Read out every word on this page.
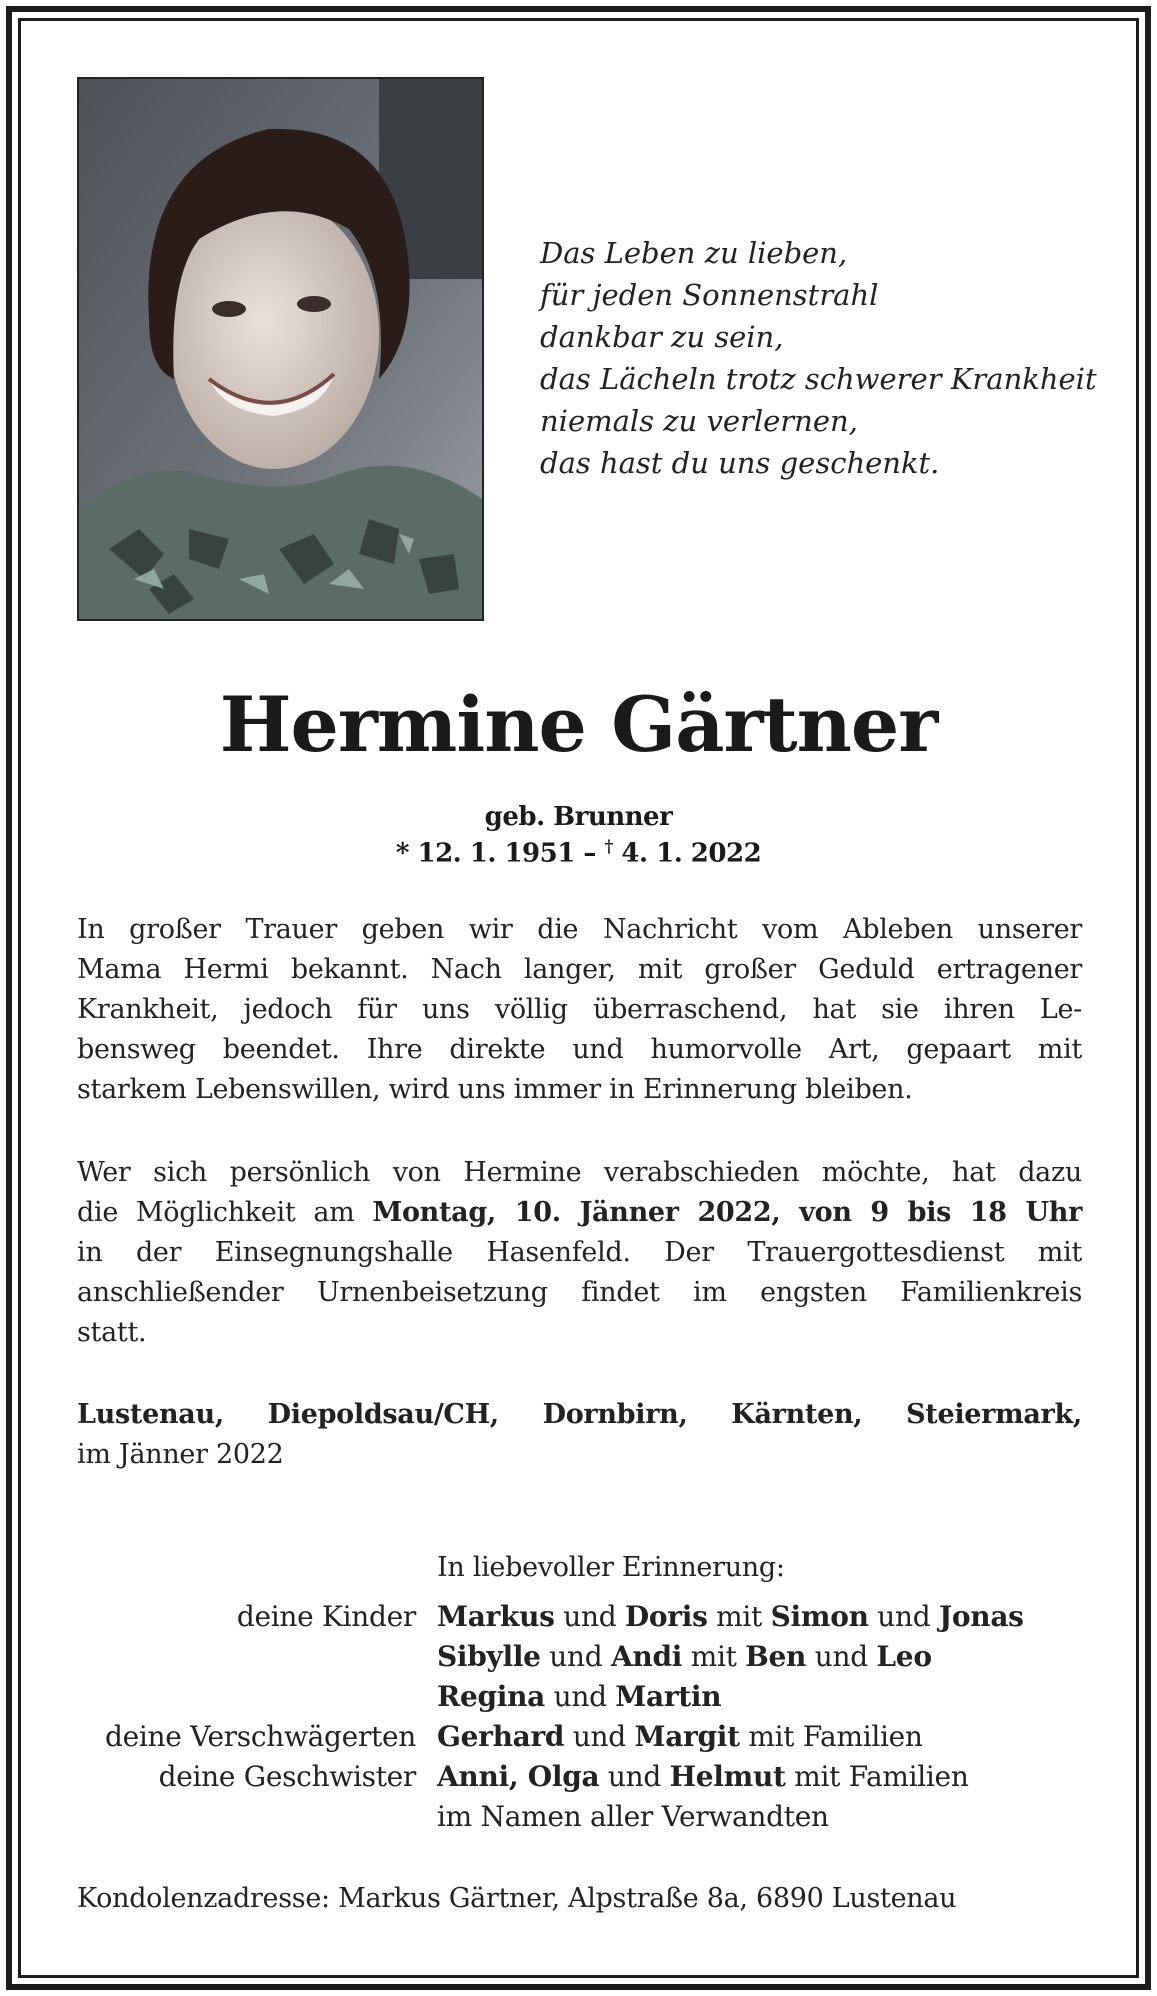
Das Leben zu lieben,
für jeden Sonnenstrahl
dankbar zu sein,
das Lächeln trotz schwerer Krankheit
niemals zu verlernen,
das hast du uns geschenkt.
Hermine Gärtner
geb. Brunner
* 12. 1. 1951 – † 4. 1. 2022
In großer Trauer geben wir die Nachricht vom Ableben unserer
Mama Hermi bekannt. Nach langer, mit großer Geduld ertragener
Krankheit, jedoch für uns völlig überraschend, hat sie ihren Le-
bensweg beendet. Ihre direkte und humorvolle Art, gepaart mit
starkem Lebenswillen, wird uns immer in Erinnerung bleiben.
Wer sich persönlich von Hermine verabschieden möchte, hat dazu
die Möglichkeit am Montag, 10. Jänner 2022, von 9 bis 18 Uhr
in der Einsegnungshalle Hasenfeld. Der Trauergottesdienst mit
anschließender Urnenbeisetzung findet im engsten Familienkreis
statt.
Lustenau, Diepoldsau/CH, Dornbirn, Kärnten, Steiermark,
im Jänner 2022
In liebevoller Erinnerung:
deine Kinder Markus und Doris mit Simon und Jonas
Sibylle und Andi mit Ben und Leo
Regina und Martin
deine Verschwägerten Gerhard und Margit mit Familien
deine Geschwister Anni, Olga und Helmut mit Familien
im Namen aller Verwandten
Kondolenzadresse: Markus Gärtner, Alpstraße 8a, 6890 Lustenau
